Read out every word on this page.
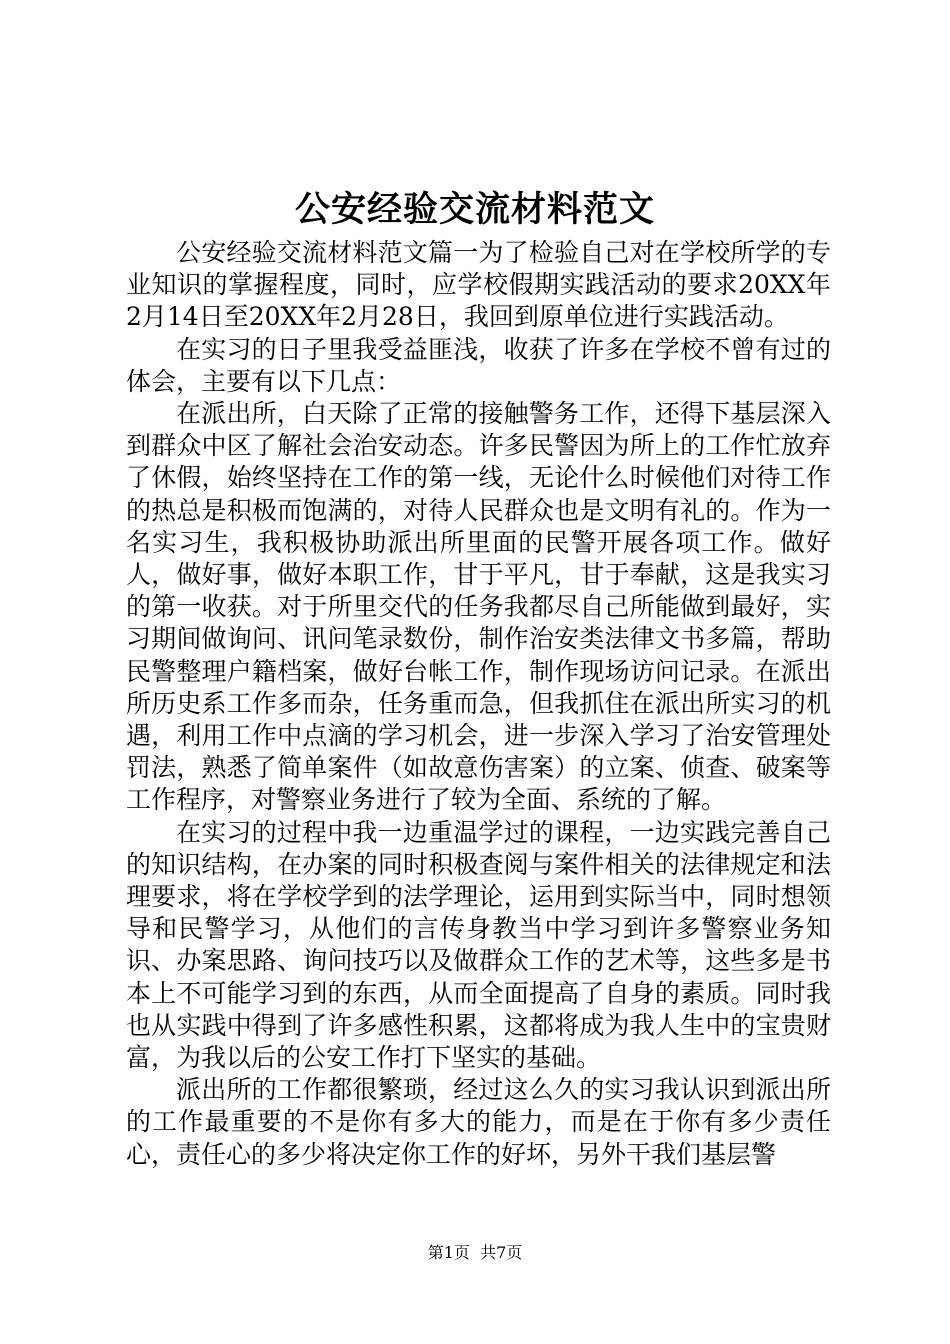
公安经验交流材料范文

公安经验交流材料范文篇一为了检验自己对在学校所学的专业知识的掌握程度，同时，应学校假期实践活动的要求20XX年2月14日至20XX年2月28日，我回到原单位进行实践活动。

在实习的日子里我受益匪浅，收获了许多在学校不曾有过的体会，主要有以下几点：

在派出所，白天除了正常的接触警务工作，还得下基层深入到群众中区了解社会治安动态。许多民警因为所上的工作忙放弃了休假，始终坚持在工作的第一线，无论什么时候他们对待工作的热总是积极而饱满的，对待人民群众也是文明有礼的。作为一名实习生，我积极协助派出所里面的民警开展各项工作。做好人，做好事，做好本职工作，甘于平凡，甘于奉献，这是我实习的第一收获。对于所里交代的任务我都尽自己所能做到最好，实习期间做询问、讯问笔录数份，制作治安类法律文书多篇，帮助民警整理户籍档案，做好台帐工作，制作现场访问记录。在派出所历史系工作多而杂，任务重而急，但我抓住在派出所实习的机遇，利用工作中点滴的学习机会，进一步深入学习了治安管理处罚法，熟悉了简单案件（如故意伤害案）的立案、侦查、破案等工作程序，对警察业务进行了较为全面、系统的了解。

在实习的过程中我一边重温学过的课程，一边实践完善自己的知识结构，在办案的同时积极查阅与案件相关的法律规定和法理要求，将在学校学到的法学理论，运用到实际当中，同时想领导和民警学习，从他们的言传身教当中学习到许多警察业务知识、办案思路、询问技巧以及做群众工作的艺术等，这些多是书本上不可能学习到的东西，从而全面提高了自身的素质。同时我也从实践中得到了许多感性积累，这都将成为我人生中的宝贵财富，为我以后的公安工作打下坚实的基础。

派出所的工作都很繁琐，经过这么久的实习我认识到派出所的工作最重要的不是你有多大的能力，而是在于你有多少责任心，责任心的多少将决定你工作的好坏，另外干我们基层警

第1页 共7页
